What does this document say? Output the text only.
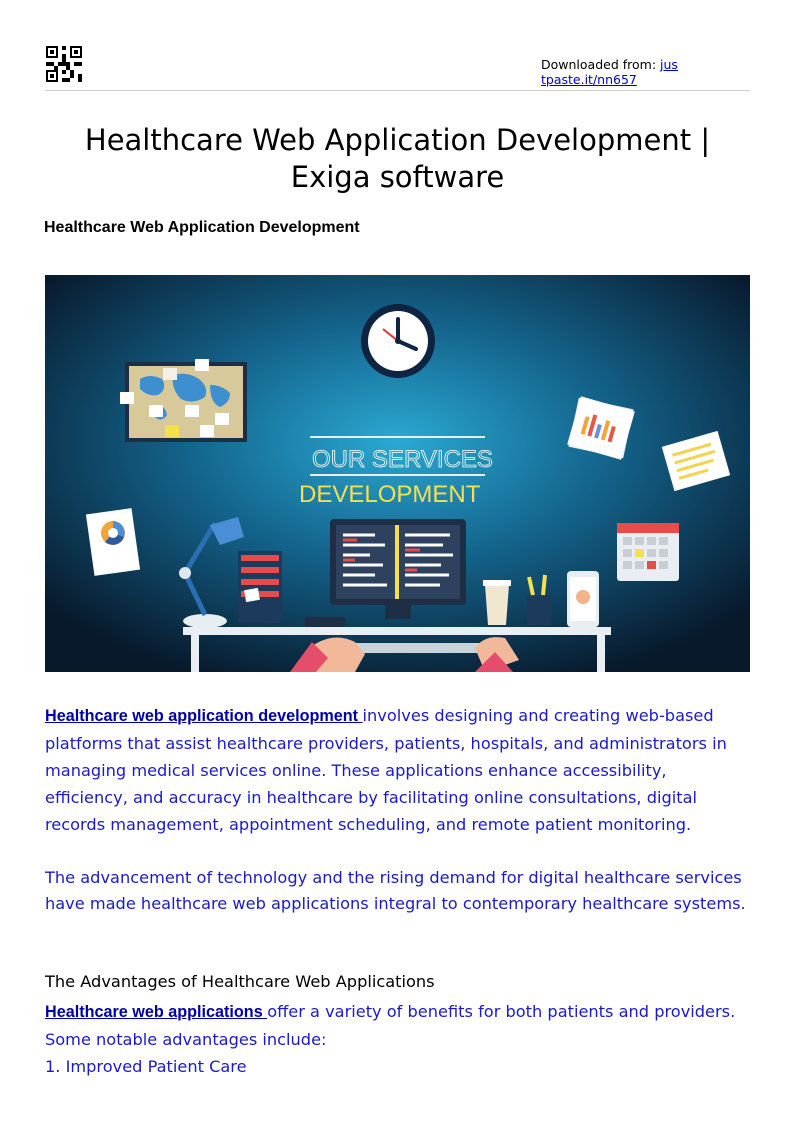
Downloaded from: justpaste.it/nn657
Healthcare Web Application Development | Exiga software
Healthcare Web Application Development
OUR SERVICES
DEVELOPMENT
Healthcare web application development involves designing and creating web-based platforms that assist healthcare providers, patients, hospitals, and administrators in managing medical services online. These applications enhance accessibility, efficiency, and accuracy in healthcare by facilitating online consultations, digital records management, appointment scheduling, and remote patient monitoring.
The advancement of technology and the rising demand for digital healthcare services have made healthcare web applications integral to contemporary healthcare systems.
The Advantages of Healthcare Web Applications
Healthcare web applications offer a variety of benefits for both patients and providers. Some notable advantages include:
1. Improved Patient Care
